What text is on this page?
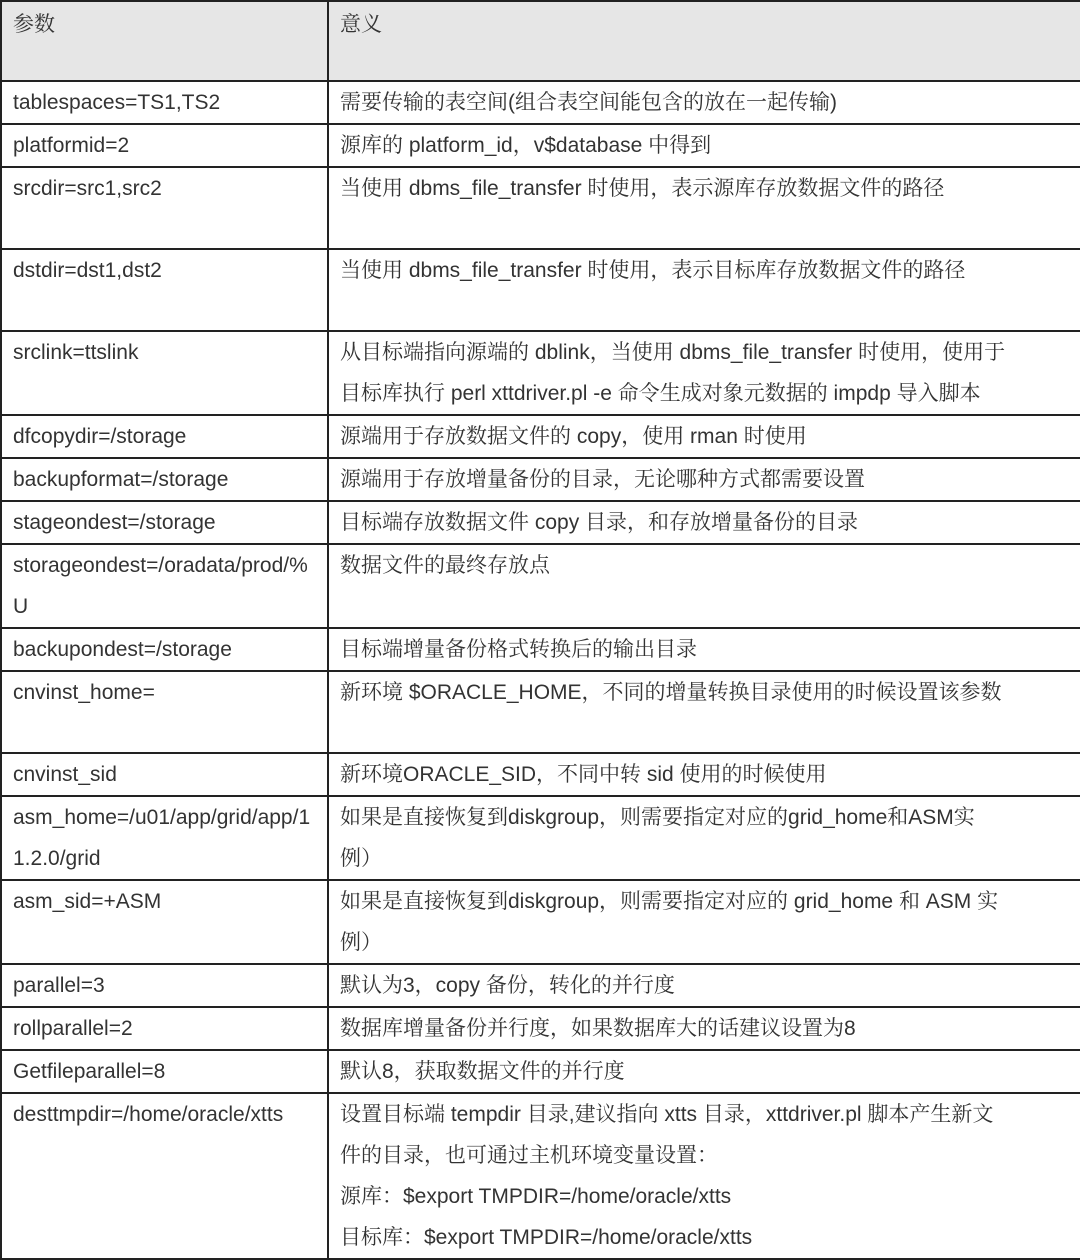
参数	意义
tablespaces=TS1,TS2	需要传输的表空间(组合表空间能包含的放在一起传输)

platformid=2	源库的 platform_id，v$database 中得到

srcdir=src1,src2	当使用 dbms_file_transfer 时使用，表示源库存放数据文件的路径

dstdir=dst1,dst2	当使用 dbms_file_transfer 时使用，表示目标库存放数据文件的路径

srclink=ttslink	从目标端指向源端的 dblink，当使用 dbms_file_transfer 时使用，使用于
目标库执行 perl xttdriver.pl -e 命令生成对象元数据的 impdp 导入脚本

dfcopydir=/storage	源端用于存放数据文件的 copy，使用 rman 时使用

backupformat=/storage	源端用于存放增量备份的目录，无论哪种方式都需要设置

stageondest=/storage	目标端存放数据文件 copy 目录，和存放增量备份的目录

storageondest=/oradata/prod/%U	数据文件的最终存放点

backupondest=/storage	目标端增量备份格式转换后的输出目录

cnvinst_home=	新环境 $ORACLE_HOME，不同的增量转换目录使用的时候设置该参数

cnvinst_sid	新环境ORACLE_SID，不同中转 sid 使用的时候使用

asm_home=/u01/app/grid/app/11.2.0/grid	如果是直接恢复到diskgroup，则需要指定对应的grid_home和ASM实
例）

asm_sid=+ASM	如果是直接恢复到diskgroup，则需要指定对应的 grid_home 和 ASM 实
例）

parallel=3	默认为3，copy 备份，转化的并行度

rollparallel=2	数据库增量备份并行度，如果数据库大的话建议设置为8

Getfileparallel=8	默认8，获取数据文件的并行度

desttmpdir=/home/oracle/xtts	设置目标端 tempdir 目录,建议指向 xtts 目录，xttdriver.pl 脚本产生新文
件的目录，也可通过主机环境变量设置：
源库：$export TMPDIR=/home/oracle/xtts
目标库：$export TMPDIR=/home/oracle/xtts
